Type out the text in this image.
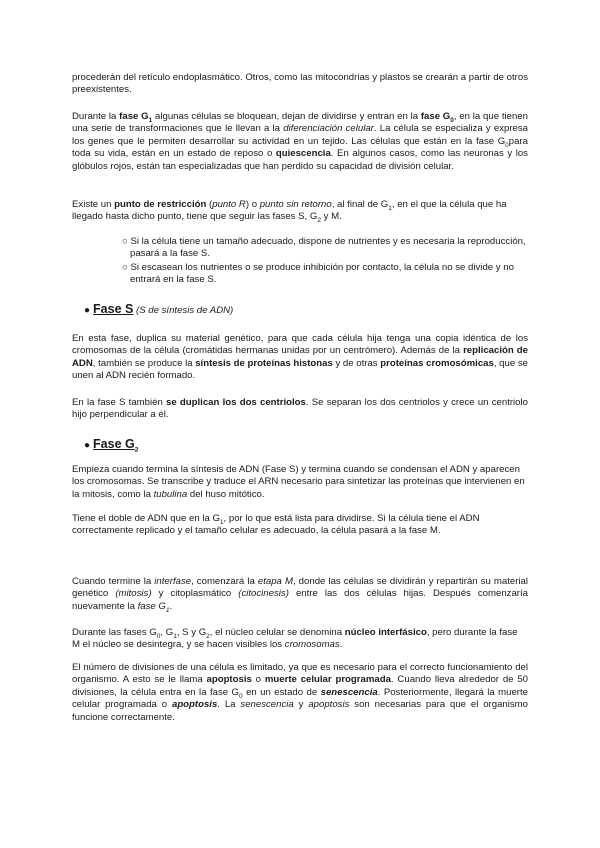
procederán del retículo endoplasmático. Otros, como las mitocondrias y plastos se crearán a partir de otros preexistentes.

Durante la fase $G_1$ algunas células se bloquean, dejan de dividirse y entran en la fase $G_0$, en la que tienen una serie de transformaciones que le llevan a la diferenciación celular. La célula se especializa y expresa los genes que le permiten desarrollar su actividad en un tejido. Las células que están en la fase $G_0para$ toda su vida, están en un estado de reposo o quiescencia. En algunos casos, como las neuronas y los glóbulos rojos, están tan especializadas que han perdido su capacidad de división celular.

Existe un punto de restricción (punto R) o punto sin retorno, al final de $G_1$, en el que la célula que ha llegado hasta dicho punto, tiene que seguir las fases S, $G_2$ y M.

○ Si la célula tiene un tamaño adecuado, dispone de nutrientes y es necesaria la reproducción, pasará a la fase S.

○ Si escasean los nutrientes o se produce inhibición por contacto, la célula no se divide y no entrará en la fase S.

● Fase S (S de síntesis de ADN)

En esta fase, duplica su material genético, para que cada célula hija tenga una copia idéntica de los cromosomas de la célula (cromátidas hermanas unidas por un centrómero). Además de la replicación de ADN, también se produce la síntesis de proteínas histonas y de otras proteínas cromosómicas, que se unen al ADN recién formado.

En la fase S también se duplican los dos centriolos. Se separan los dos centriolos y crece un centriolo hijo perpendicular a él.

● Fase $G_2$

Empieza cuando termina la síntesis de ADN (Fase S) y termina cuando se condensan el ADN y aparecen los cromosomas. Se transcribe y traduce el ARN necesario para sintetizar las proteínas que intervienen en la mitosis, como la tubulina del huso mitótico.

Tiene el doble de ADN que en la $G_1$, por lo que está lista para dividirse. Si la célula tiene el ADN correctamente replicado y el tamaño celular es adecuado, la célula pasará a la fase M.

Cuando termine la interfase, comenzará la etapa M, donde las células se dividirán y repartirán su material genético (mitosis) y citoplasmático (citocinesis) entre las dos células hijas. Después comenzaría nuevamente la fase $G_1$.

Durante las fases $G_0$, $G_1$, S y $G_2$, el núcleo celular se denomina núcleo interfásico, pero durante la fase M el núcleo se desintegra, y se hacen visibles los cromosomas.

El número de divisiones de una célula es limitado, ya que es necesario para el correcto funcionamiento del organismo. A esto se le llama apoptosis o muerte celular programada. Cuando lleva alrededor de 50 divisiones, la célula entra en la fase $G_0$ en un estado de senescencia. Posteriormente, llegará la muerte celular programada o apoptosis. La senescencia y apoptosis son necesarias para que el organismo funcione correctamente.
